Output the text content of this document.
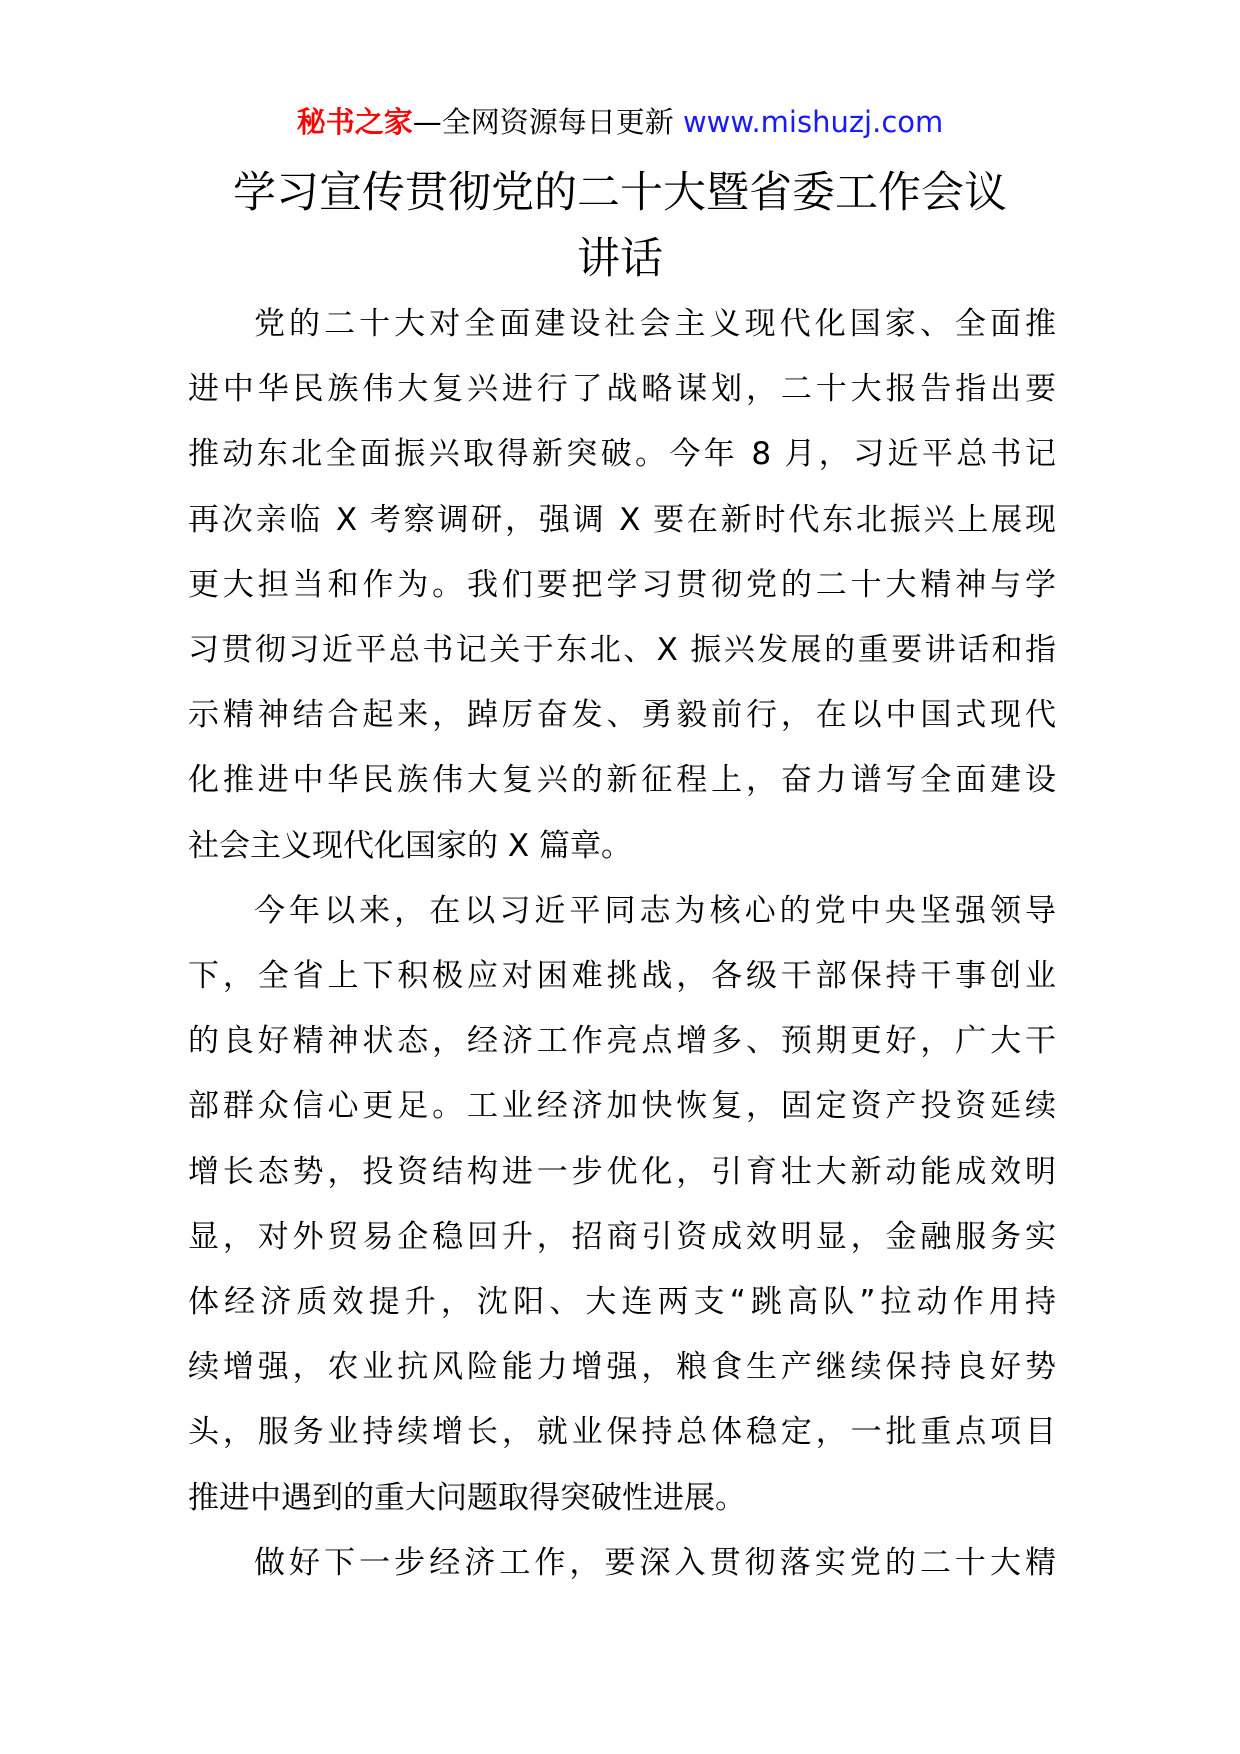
秘书之家—全网资源每日更新 www.mishuzj.com
学习宣传贯彻党的二十大暨省委工作会议
讲话

党的二十大对全面建设社会主义现代化国家、全面推
进中华民族伟大复兴进行了战略谋划，二十大报告指出要
推动东北全面振兴取得新突破。今年 8 月，习近平总书记
再次亲临 X 考察调研，强调 X 要在新时代东北振兴上展现
更大担当和作为。我们要把学习贯彻党的二十大精神与学
习贯彻习近平总书记关于东北、X 振兴发展的重要讲话和指
示精神结合起来，踔厉奋发、勇毅前行，在以中国式现代
化推进中华民族伟大复兴的新征程上，奋力谱写全面建设
社会主义现代化国家的 X 篇章。

今年以来，在以习近平同志为核心的党中央坚强领导
下，全省上下积极应对困难挑战，各级干部保持干事创业
的良好精神状态，经济工作亮点增多、预期更好，广大干
部群众信心更足。工业经济加快恢复，固定资产投资延续
增长态势，投资结构进一步优化，引育壮大新动能成效明
显，对外贸易企稳回升，招商引资成效明显，金融服务实
体经济质效提升，沈阳、大连两支“跳高队”拉动作用持
续增强，农业抗风险能力增强，粮食生产继续保持良好势
头，服务业持续增长，就业保持总体稳定，一批重点项目
推进中遇到的重大问题取得突破性进展。

做好下一步经济工作，要深入贯彻落实党的二十大精
